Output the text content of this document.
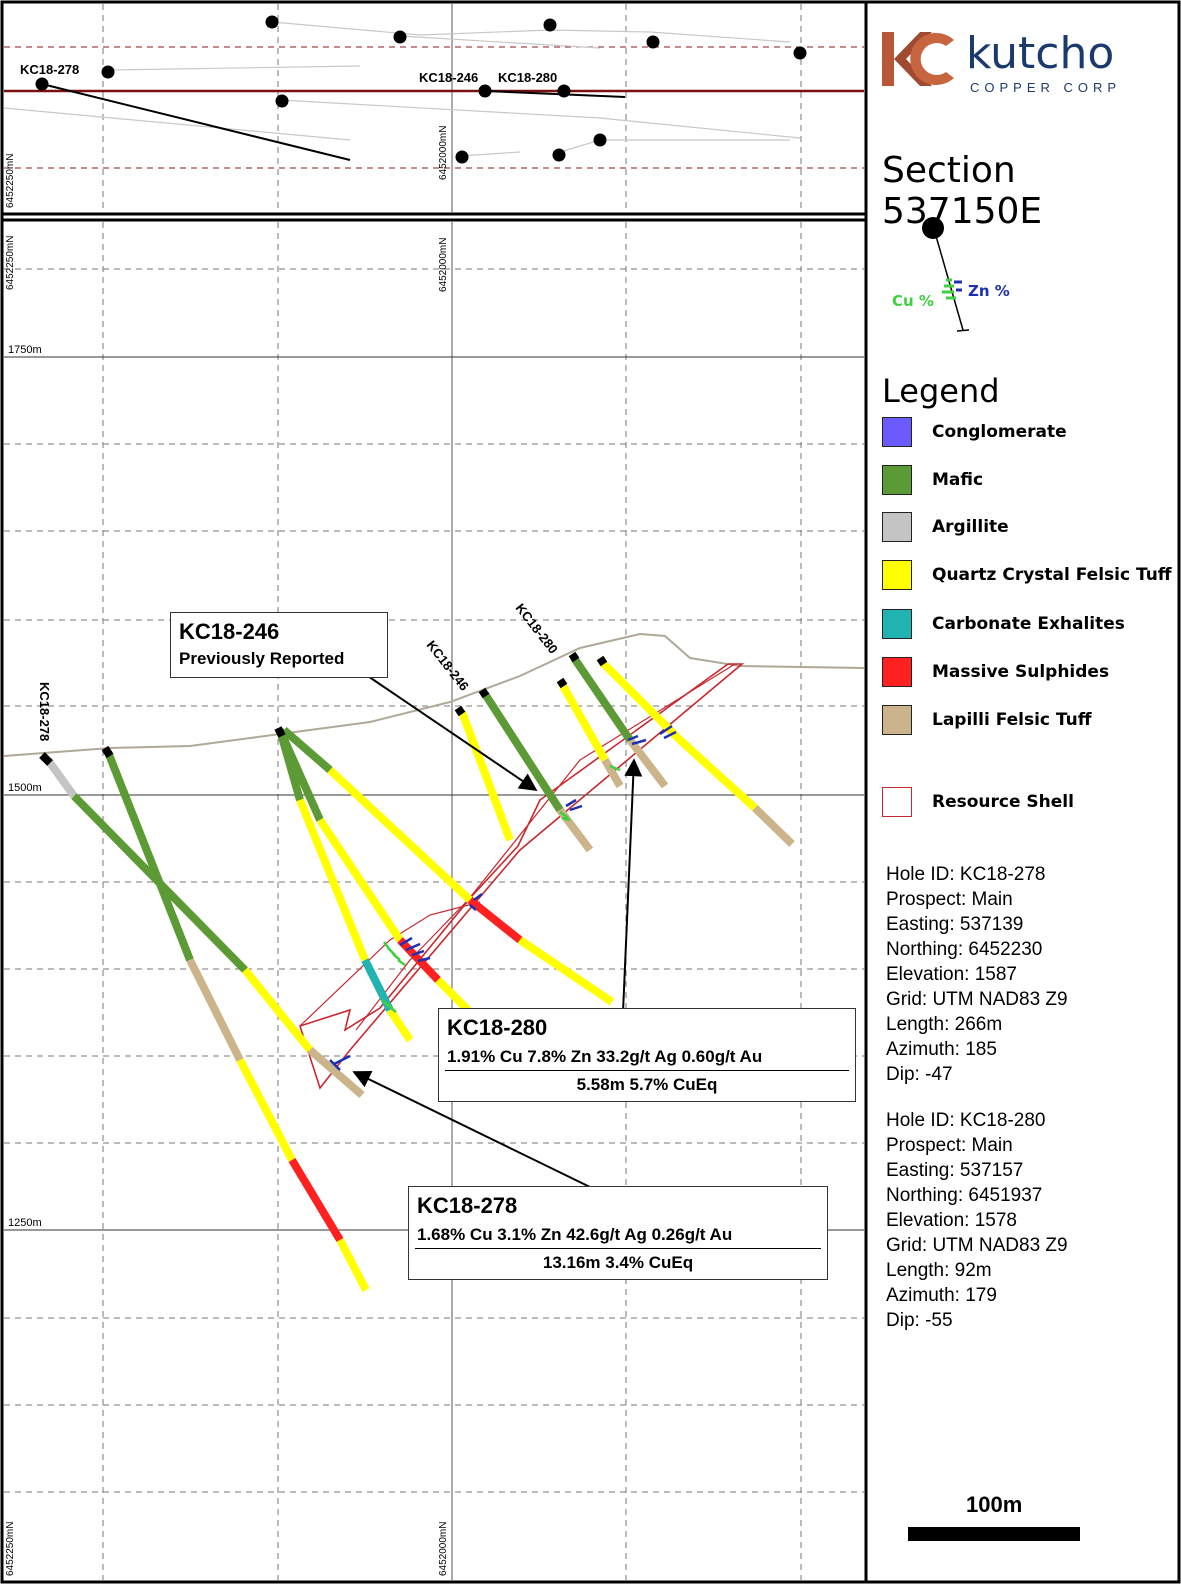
KC18-278
KC18-246 KC18-280
6452000mN
6452250mN
1750m
1500m
1250m
6452000mN
6452000mN
6452250mN
6452250mN
KC18-278
KC18-246
KC18-280
Cu %
Zn %
KC18-246
Previously Reported
KC18-280
1.91% Cu 7.8% Zn 33.2g/t Ag 0.60g/t Au
5.58m 5.7% CuEq
KC18-278
1.68% Cu 3.1% Zn 42.6g/t Ag 0.26g/t Au
13.16m 3.4% CuEq
kutcho
COPPER CORP
Section 537150E
Legend
Conglomerate
Mafic
Argillite
Quartz Crystal Felsic Tuff
Carbonate Exhalites
Massive Sulphides
Lapilli Felsic Tuff
Resource Shell
Hole ID: KC18-278
Prospect: Main
Easting: 537139
Northing: 6452230
Elevation: 1587
Grid: UTM NAD83 Z9
Length: 266m
Azimuth: 185
Dip: -47
Hole ID: KC18-280
Prospect: Main
Easting: 537157
Northing: 6451937
Elevation: 1578
Grid: UTM NAD83 Z9
Length: 92m
Azimuth: 179
Dip: -55
100m
